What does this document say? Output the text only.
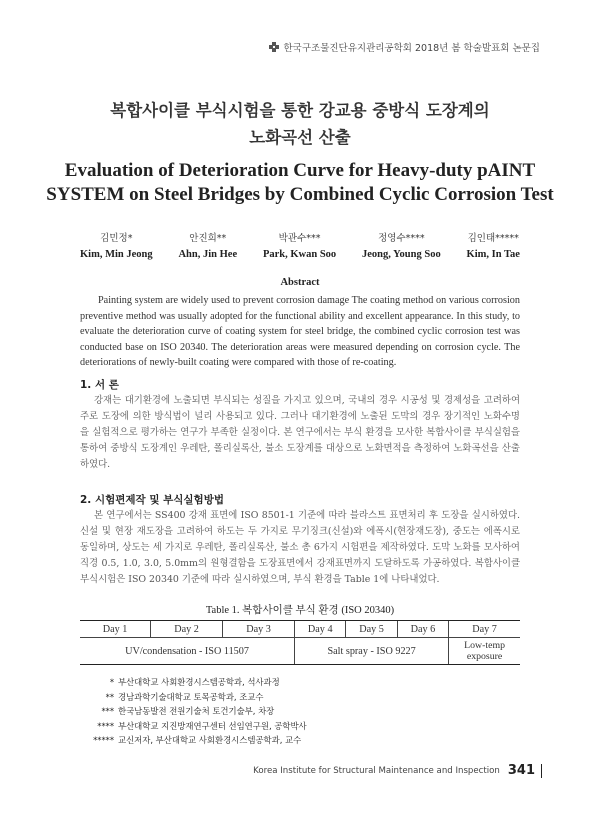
한국구조물진단유지관리공학회 2018년 봄 학술발표회 논문집
복합사이클 부식시험을 통한 강교용 중방식 도장계의
노화곡선 산출
Evaluation of Deterioration Curve for Heavy-duty pAINT
SYSTEM on Steel Bridges by Combined Cyclic Corrosion Test
김민정*
Kim, Min Jeong
안진희**
Ahn, Jin Hee
박관수***
Park, Kwan Soo
정영수****
Jeong, Young Soo
김인태*****
Kim, In Tae
Abstract
Painting system are widely used to prevent corrosion damage The coating method on various corrosion preventive method was usually adopted for the functional ability and excellent appearance. In this study, to evaluate the deterioration curve of coating system for steel bridge, the combined cyclic corrosion test was conducted base on ISO 20340. The deterioration areas were measured depending on corrosion cycle. The deteriorations of newly-built coating were compared with those of re-coating.
1. 서 론
강재는 대기환경에 노출되면 부식되는 성질을 가지고 있으며, 국내의 경우 시공성 및 경제성을 고려하여 주로 도장에 의한 방식법이 널리 사용되고 있다. 그러나 대기환경에 노출된 도막의 경우 장기적인 노화수명을 실험적으로 평가하는 연구가 부족한 실정이다. 본 연구에서는 부식 환경을 모사한 복합사이클 부식실험을 통하여 중방식 도장계인 우레탄, 폴리실록산, 불소 도장계를 대상으로 노화면적을 측정하여 노화곡선을 산출하였다.
2. 시험편제작 및 부식실험방법
본 연구에서는 SS400 강재 표면에 ISO 8501-1 기준에 따라 블라스트 표면처리 후 도장을 실시하였다. 신설 및 현장 재도장을 고려하여 하도는 두 가지로 무기징크(신설)와 에폭시(현장재도장), 중도는 에폭시로 동일하며, 상도는 세 가지로 우레탄, 폴리실록산, 불소 총 6가지 시험편을 제작하였다. 도막 노화를 모사하여 직경 0.5, 1.0, 3.0, 5.0mm의 원형결함을 도장표면에서 강재표면까지 도달하도록 가공하였다. 복합사이클 부식시험은 ISO 20340 기준에 따라 실시하였으며, 부식 환경을 Table 1에 나타내었다.
Table 1. 복합사이클 부식 환경 (ISO 20340)
Day 1	Day 2	Day 3	Day 4	Day 5	Day 6	Day 7
UV/condensation - ISO 11507			Salt spray - ISO 9227			Low-temp
exposure
* 부산대학교 사회환경시스템공학과, 석사과정
** 경남과학기술대학교 토목공학과, 조교수
*** 한국남동발전 전원기술처 토건기술부, 차장
**** 부산대학교 지진방재연구센터 선임연구원, 공학박사
***** 교신저자, 부산대학교 사회환경시스템공학과, 교수
Korea Institute for Structural Maintenance and Inspection 341
